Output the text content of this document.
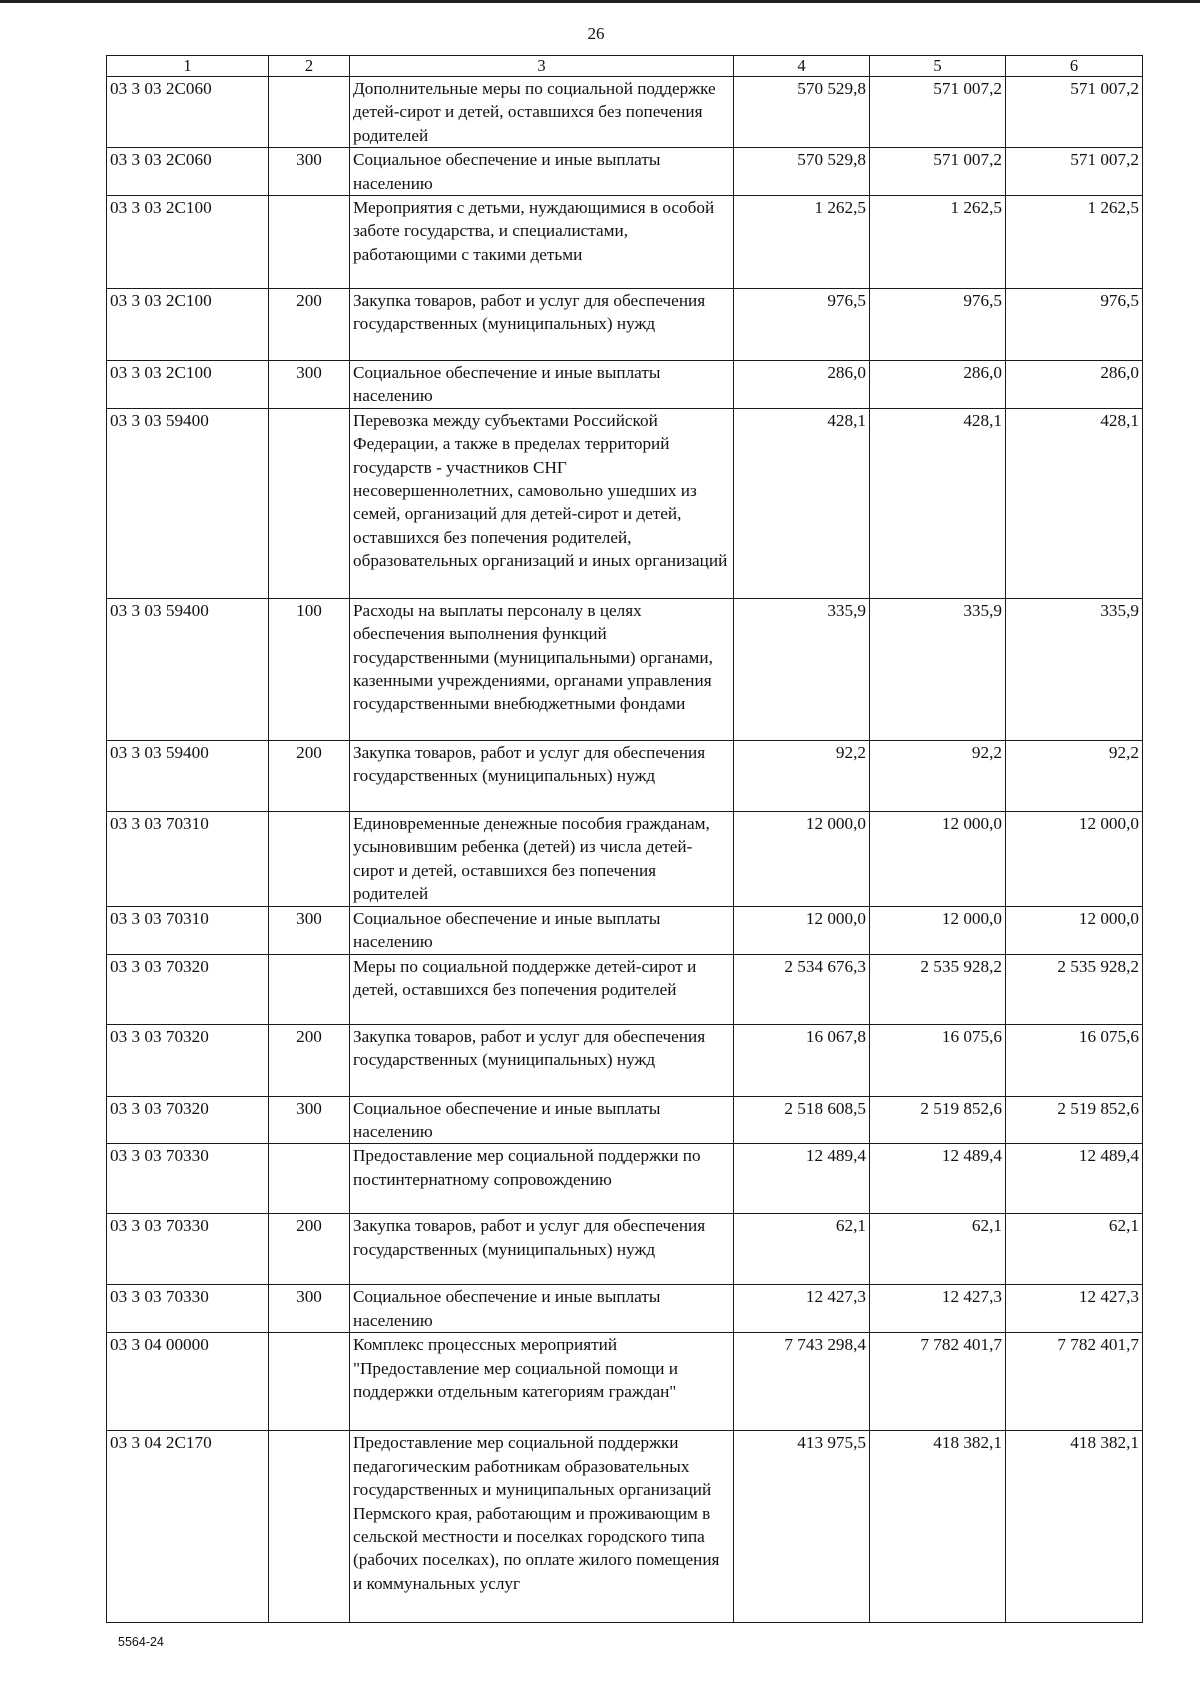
26
1	2	3	4	5	6
03 3 03 2С060		Дополнительные меры по социальной поддержке детей-сирот и детей, оставшихся без попечения родителей	570 529,8	571 007,2	571 007,2
03 3 03 2С060	300	Социальное обеспечение и иные выплаты населению	570 529,8	571 007,2	571 007,2
03 3 03 2С100		Мероприятия с детьми, нуждающимися в особой заботе государства, и специалистами, работающими с такими детьми	1 262,5	1 262,5	1 262,5
03 3 03 2С100	200	Закупка товаров, работ и услуг для обеспечения государственных (муниципальных) нужд	976,5	976,5	976,5
03 3 03 2С100	300	Социальное обеспечение и иные выплаты населению	286,0	286,0	286,0
03 3 03 59400		Перевозка между субъектами Российской Федерации, а также в пределах территорий государств - участников СНГ несовершеннолетних, самовольно ушедших из семей, организаций для детей-сирот и детей, оставшихся без попечения родителей, образовательных организаций и иных организаций	428,1	428,1	428,1
03 3 03 59400	100	Расходы на выплаты персоналу в целях обеспечения выполнения функций государственными (муниципальными) органами, казенными учреждениями, органами управления государственными внебюджетными фондами	335,9	335,9	335,9
03 3 03 59400	200	Закупка товаров, работ и услуг для обеспечения государственных (муниципальных) нужд	92,2	92,2	92,2
03 3 03 70310		Единовременные денежные пособия гражданам, усыновившим ребенка (детей) из числа детей-сирот и детей, оставшихся без попечения родителей	12 000,0	12 000,0	12 000,0
03 3 03 70310	300	Социальное обеспечение и иные выплаты населению	12 000,0	12 000,0	12 000,0
03 3 03 70320		Меры по социальной поддержке детей-сирот и детей, оставшихся без попечения родителей	2 534 676,3	2 535 928,2	2 535 928,2
03 3 03 70320	200	Закупка товаров, работ и услуг для обеспечения государственных (муниципальных) нужд	16 067,8	16 075,6	16 075,6
03 3 03 70320	300	Социальное обеспечение и иные выплаты населению	2 518 608,5	2 519 852,6	2 519 852,6
03 3 03 70330		Предоставление мер социальной поддержки по постинтернатному сопровождению	12 489,4	12 489,4	12 489,4
03 3 03 70330	200	Закупка товаров, работ и услуг для обеспечения государственных (муниципальных) нужд	62,1	62,1	62,1
03 3 03 70330	300	Социальное обеспечение и иные выплаты населению	12 427,3	12 427,3	12 427,3
03 3 04 00000		Комплекс процессных мероприятий "Предоставление мер социальной помощи и поддержки отдельным категориям граждан"	7 743 298,4	7 782 401,7	7 782 401,7
03 3 04 2С170		Предоставление мер социальной поддержки педагогическим работникам образовательных государственных и муниципальных организаций Пермского края, работающим и проживающим в сельской местности и поселках городского типа (рабочих поселках), по оплате жилого помещения и коммунальных услуг	413 975,5	418 382,1	418 382,1
5564-24
